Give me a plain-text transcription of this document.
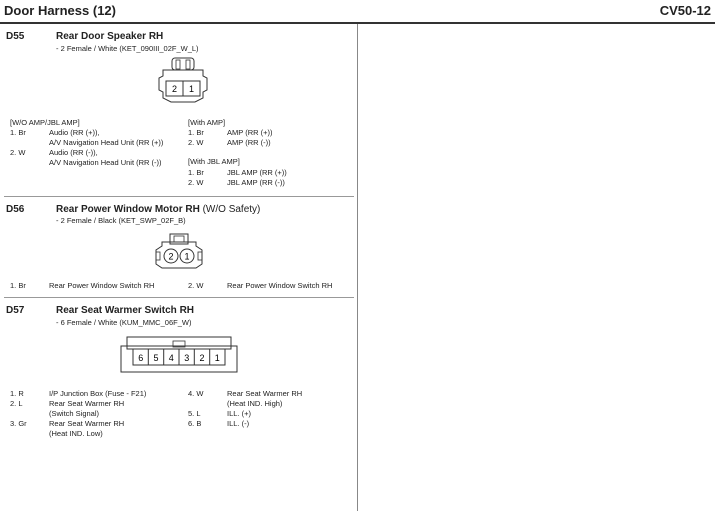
Door Harness (12)	CV50-12
D55	Rear Door Speaker RH
- 2 Female / White (KET_090III_02F_W_L)
2 1
[W/O AMP/JBL AMP]
1. Br	Audio (RR (+)),
A/V Navigation Head Unit (RR (+))
2. W	Audio (RR (-)),
A/V Navigation Head Unit (RR (-))
[With AMP]
1. Br	AMP (RR (+))
2. W	AMP (RR (-))
[With JBL AMP]
1. Br	JBL AMP (RR (+))
2. W	JBL AMP (RR (-))
D56	Rear Power Window Motor RH (W/O Safety)
- 2 Female / Black (KET_SWP_02F_B)
2 1
1. Br	Rear Power Window Switch RH	2. W	Rear Power Window Switch RH
D57	Rear Seat Warmer Switch RH
- 6 Female / White (KUM_MMC_06F_W)
6 5 4 3 2 1
1. R	I/P Junction Box (Fuse - F21)
2. L	Rear Seat Warmer RH
(Switch Signal)
3. Gr	Rear Seat Warmer RH
(Heat IND. Low)
4. W	Rear Seat Warmer RH
(Heat IND. High)
5. L	ILL. (+)
6. B	ILL. (-)
